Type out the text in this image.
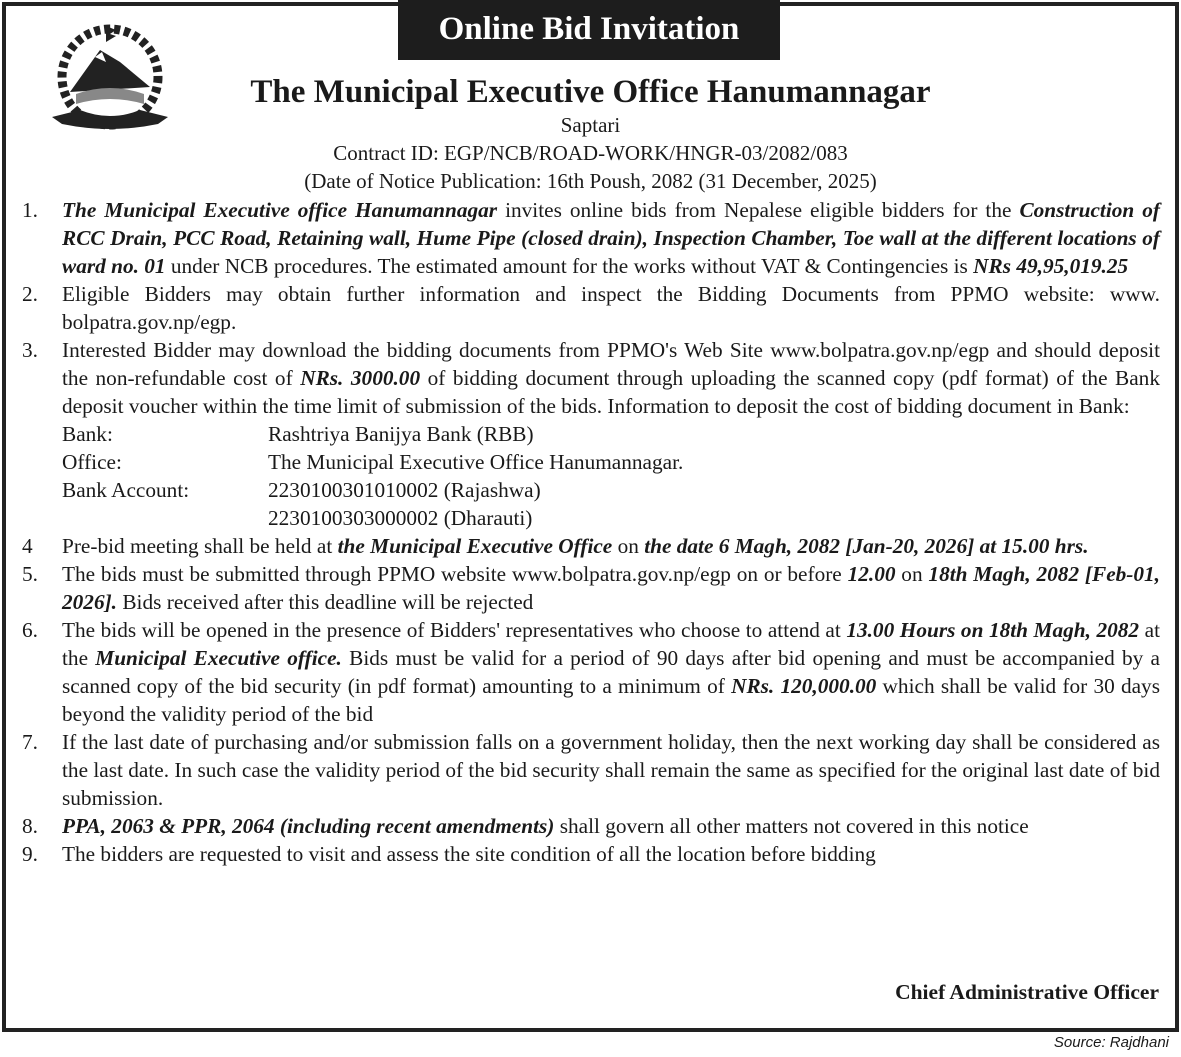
Online Bid Invitation
The Municipal Executive Office Hanumannagar
Saptari
Contract ID: EGP/NCB/ROAD-WORK/HNGR-03/2082/083
(Date of Notice Publication: 16th Poush, 2082 (31 December, 2025)
1.	The Municipal Executive office Hanumannagar invites online bids from Nepalese eligible bidders for the Construction of RCC Drain, PCC Road, Retaining wall, Hume Pipe (closed drain), Inspection Chamber, Toe wall at the different locations of ward no. 01 under NCB procedures. The estimated amount for the works without VAT & Contingencies is NRs 49,95,019.25
2.	Eligible Bidders may obtain further information and inspect the Bidding Documents from PPMO website: www. bolpatra.gov.np/egp.
3.	Interested Bidder may download the bidding documents from PPMO's Web Site www.bolpatra.gov.np/egp and should deposit the non-refundable cost of NRs. 3000.00 of bidding document through uploading the scanned copy (pdf format) of the Bank deposit voucher within the time limit of submission of the bids. Information to deposit the cost of bidding document in Bank:
Bank:	Rashtriya Banijya Bank (RBB)
Office:	The Municipal Executive Office Hanumannagar.
Bank Account:	2230100301010002 (Rajashwa)
2230100303000002 (Dharauti)
4	Pre-bid meeting shall be held at the Municipal Executive Office on the date 6 Magh, 2082 [Jan-20, 2026] at 15.00 hrs.
5.	The bids must be submitted through PPMO website www.bolpatra.gov.np/egp on or before 12.00 on 18th Magh, 2082 [Feb-01, 2026]. Bids received after this deadline will be rejected
6.	The bids will be opened in the presence of Bidders' representatives who choose to attend at 13.00 Hours on 18th Magh, 2082 at the Municipal Executive office. Bids must be valid for a period of 90 days after bid opening and must be accompanied by a scanned copy of the bid security (in pdf format) amounting to a minimum of NRs. 120,000.00 which shall be valid for 30 days beyond the validity period of the bid
7.	If the last date of purchasing and/or submission falls on a government holiday, then the next working day shall be considered as the last date. In such case the validity period of the bid security shall remain the same as specified for the original last date of bid submission.
8.	PPA, 2063 & PPR, 2064 (including recent amendments) shall govern all other matters not covered in this notice
9.	The bidders are requested to visit and assess the site condition of all the location before bidding
Chief Administrative Officer
Source: Rajdhani
